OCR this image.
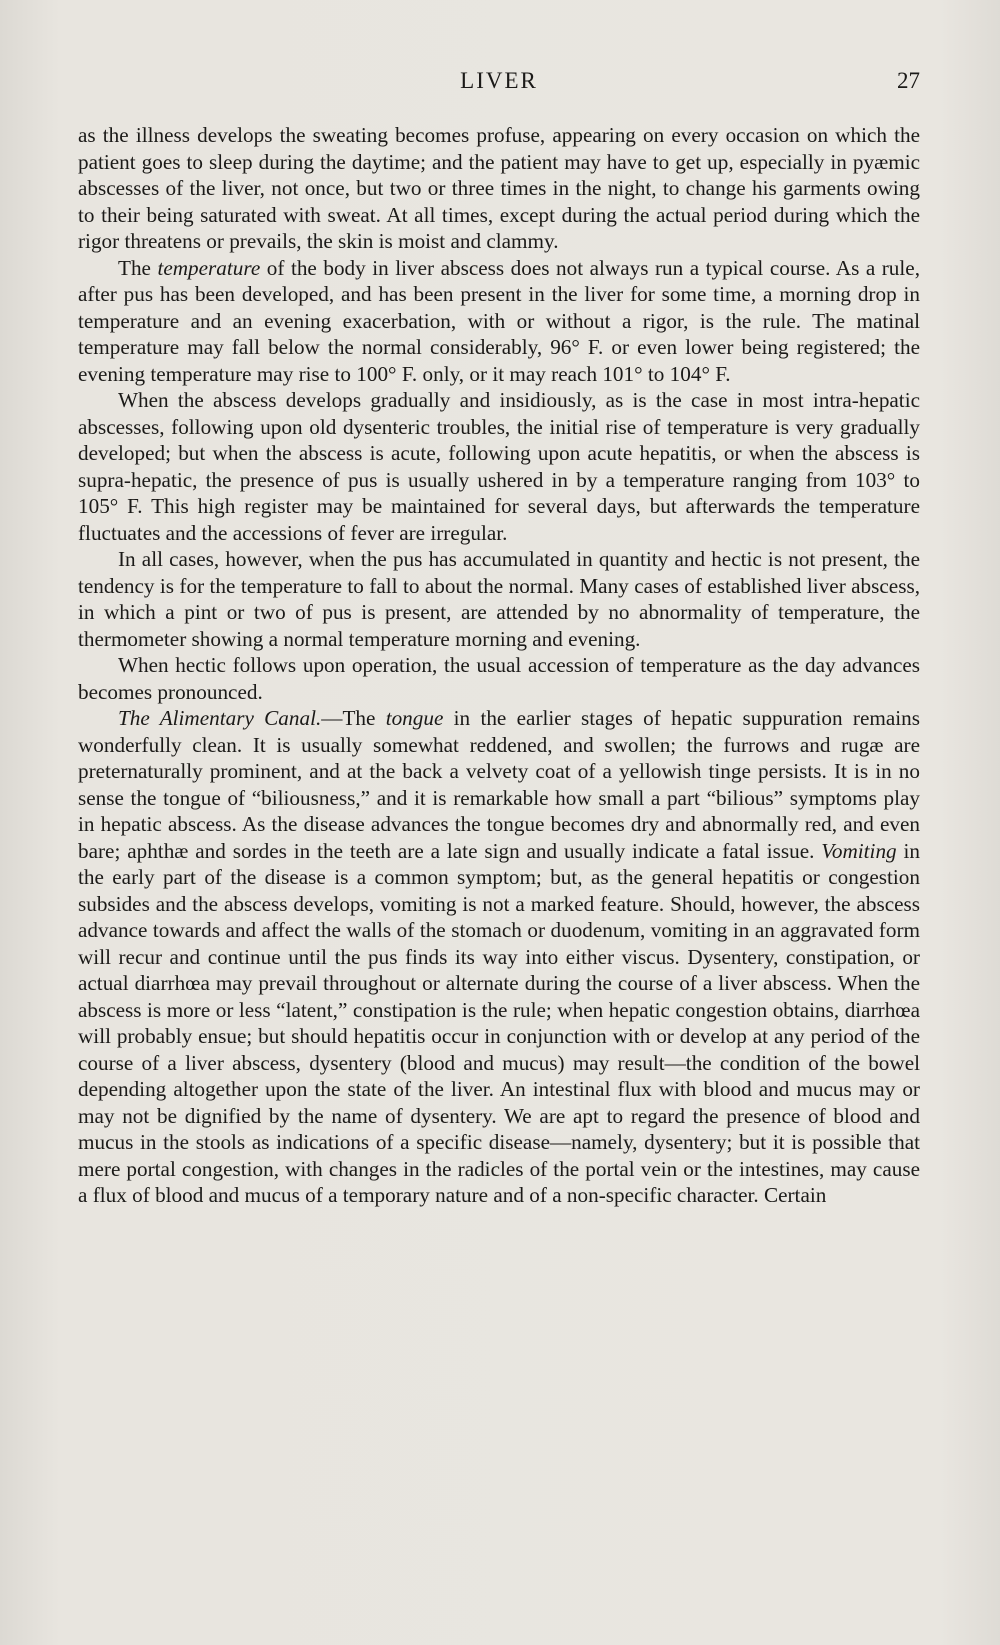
LIVER	27

as the illness develops the sweating becomes profuse, appearing on every occasion on which the patient goes to sleep during the daytime; and the patient may have to get up, especially in pyæmic abscesses of the liver, not once, but two or three times in the night, to change his garments owing to their being saturated with sweat. At all times, except during the actual period during which the rigor threatens or prevails, the skin is moist and clammy.

The temperature of the body in liver abscess does not always run a typical course. As a rule, after pus has been developed, and has been present in the liver for some time, a morning drop in temperature and an evening exacerbation, with or without a rigor, is the rule. The matinal temperature may fall below the normal considerably, 96° F. or even lower being registered; the evening temperature may rise to 100° F. only, or it may reach 101° to 104° F.

When the abscess develops gradually and insidiously, as is the case in most intra-hepatic abscesses, following upon old dysenteric troubles, the initial rise of temperature is very gradually developed; but when the abscess is acute, following upon acute hepatitis, or when the abscess is supra-hepatic, the presence of pus is usually ushered in by a temperature ranging from 103° to 105° F. This high register may be maintained for several days, but afterwards the temperature fluctuates and the accessions of fever are irregular.

In all cases, however, when the pus has accumulated in quantity and hectic is not present, the tendency is for the temperature to fall to about the normal. Many cases of established liver abscess, in which a pint or two of pus is present, are attended by no abnormality of temperature, the thermometer showing a normal temperature morning and evening.

When hectic follows upon operation, the usual accession of temperature as the day advances becomes pronounced.

The Alimentary Canal.—The tongue in the earlier stages of hepatic suppuration remains wonderfully clean. It is usually somewhat reddened, and swollen; the furrows and rugæ are preternaturally prominent, and at the back a velvety coat of a yellowish tinge persists. It is in no sense the tongue of “biliousness,” and it is remarkable how small a part “bilious” symptoms play in hepatic abscess. As the disease advances the tongue becomes dry and abnormally red, and even bare; aphthæ and sordes in the teeth are a late sign and usually indicate a fatal issue. Vomiting in the early part of the disease is a common symptom; but, as the general hepatitis or congestion subsides and the abscess develops, vomiting is not a marked feature. Should, however, the abscess advance towards and affect the walls of the stomach or duodenum, vomiting in an aggravated form will recur and continue until the pus finds its way into either viscus. Dysentery, constipation, or actual diarrhœa may prevail throughout or alternate during the course of a liver abscess. When the abscess is more or less “latent,” constipation is the rule; when hepatic congestion obtains, diarrhœa will probably ensue; but should hepatitis occur in conjunction with or develop at any period of the course of a liver abscess, dysentery (blood and mucus) may result—the condition of the bowel depending altogether upon the state of the liver. An intestinal flux with blood and mucus may or may not be dignified by the name of dysentery. We are apt to regard the presence of blood and mucus in the stools as indications of a specific disease—namely, dysentery; but it is possible that mere portal congestion, with changes in the radicles of the portal vein or the intestines, may cause a flux of blood and mucus of a temporary nature and of a non-specific character. Certain
